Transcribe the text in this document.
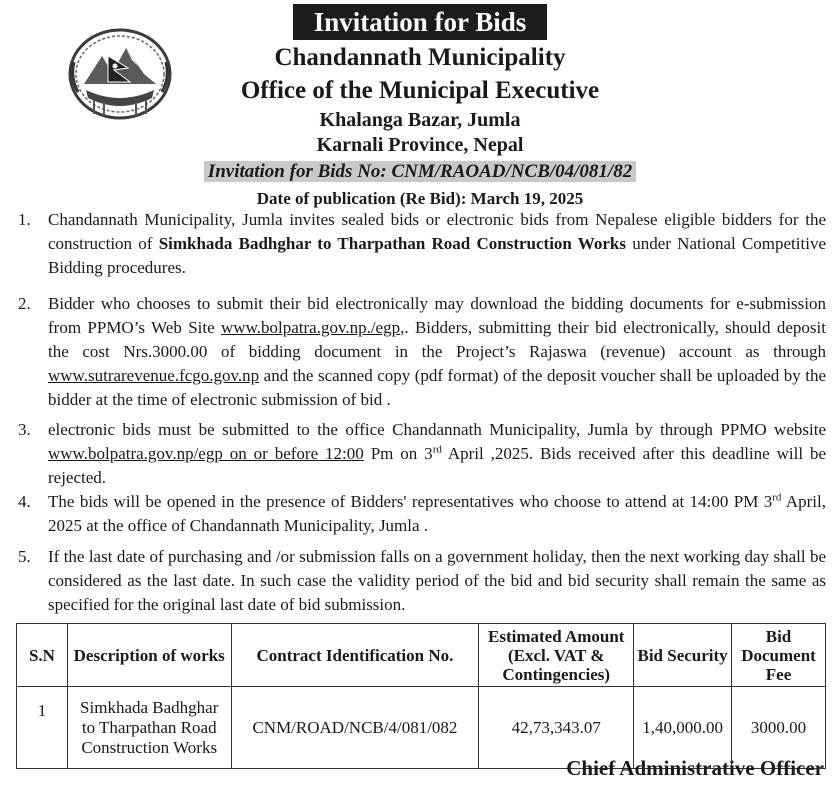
Invitation for Bids
Chandannath Municipality
Office of the Municipal Executive
Khalanga Bazar, Jumla
Karnali Province, Nepal
Invitation for Bids No: CNM/RAOAD/NCB/04/081/82
Date of publication (Re Bid): March 19, 2025
1. Chandannath Municipality, Jumla invites sealed bids or electronic bids from Nepalese eligible bidders for the construction of Simkhada Badhghar to Tharpathan Road Construction Works under National Competitive Bidding procedures.
2. Bidder who chooses to submit their bid electronically may download the bidding documents for e-submission from PPMO’s Web Site www.bolpatra.gov.np./egp,. Bidders, submitting their bid electronically, should deposit the cost Nrs.3000.00 of bidding document in the Project’s Rajaswa (revenue) account as through www.sutrarevenue.fcgo.gov.np and the scanned copy (pdf format) of the deposit voucher shall be uploaded by the bidder at the time of electronic submission of bid .
3. electronic bids must be submitted to the office Chandannath Municipality, Jumla by through PPMO website www.bolpatra.gov.np/egp on or before 12:00 Pm on 3rd April ,2025. Bids received after this deadline will be rejected.
4. The bids will be opened in the presence of Bidders' representatives who choose to attend at 14:00 PM 3rd April, 2025 at the office of Chandannath Municipality, Jumla .
5. If the last date of purchasing and /or submission falls on a government holiday, then the next working day shall be considered as the last date. In such case the validity period of the bid and bid security shall remain the same as specified for the original last date of bid submission.
S.N	Description of works	Contract Identification No.	Estimated Amount (Excl. VAT & Contingencies)	Bid Security	Bid Document Fee
1	Simkhada Badhghar to Tharpathan Road Construction Works	CNM/ROAD/NCB/4/081/082	42,73,343.07	1,40,000.00	3000.00
Chief Administrative Officer
